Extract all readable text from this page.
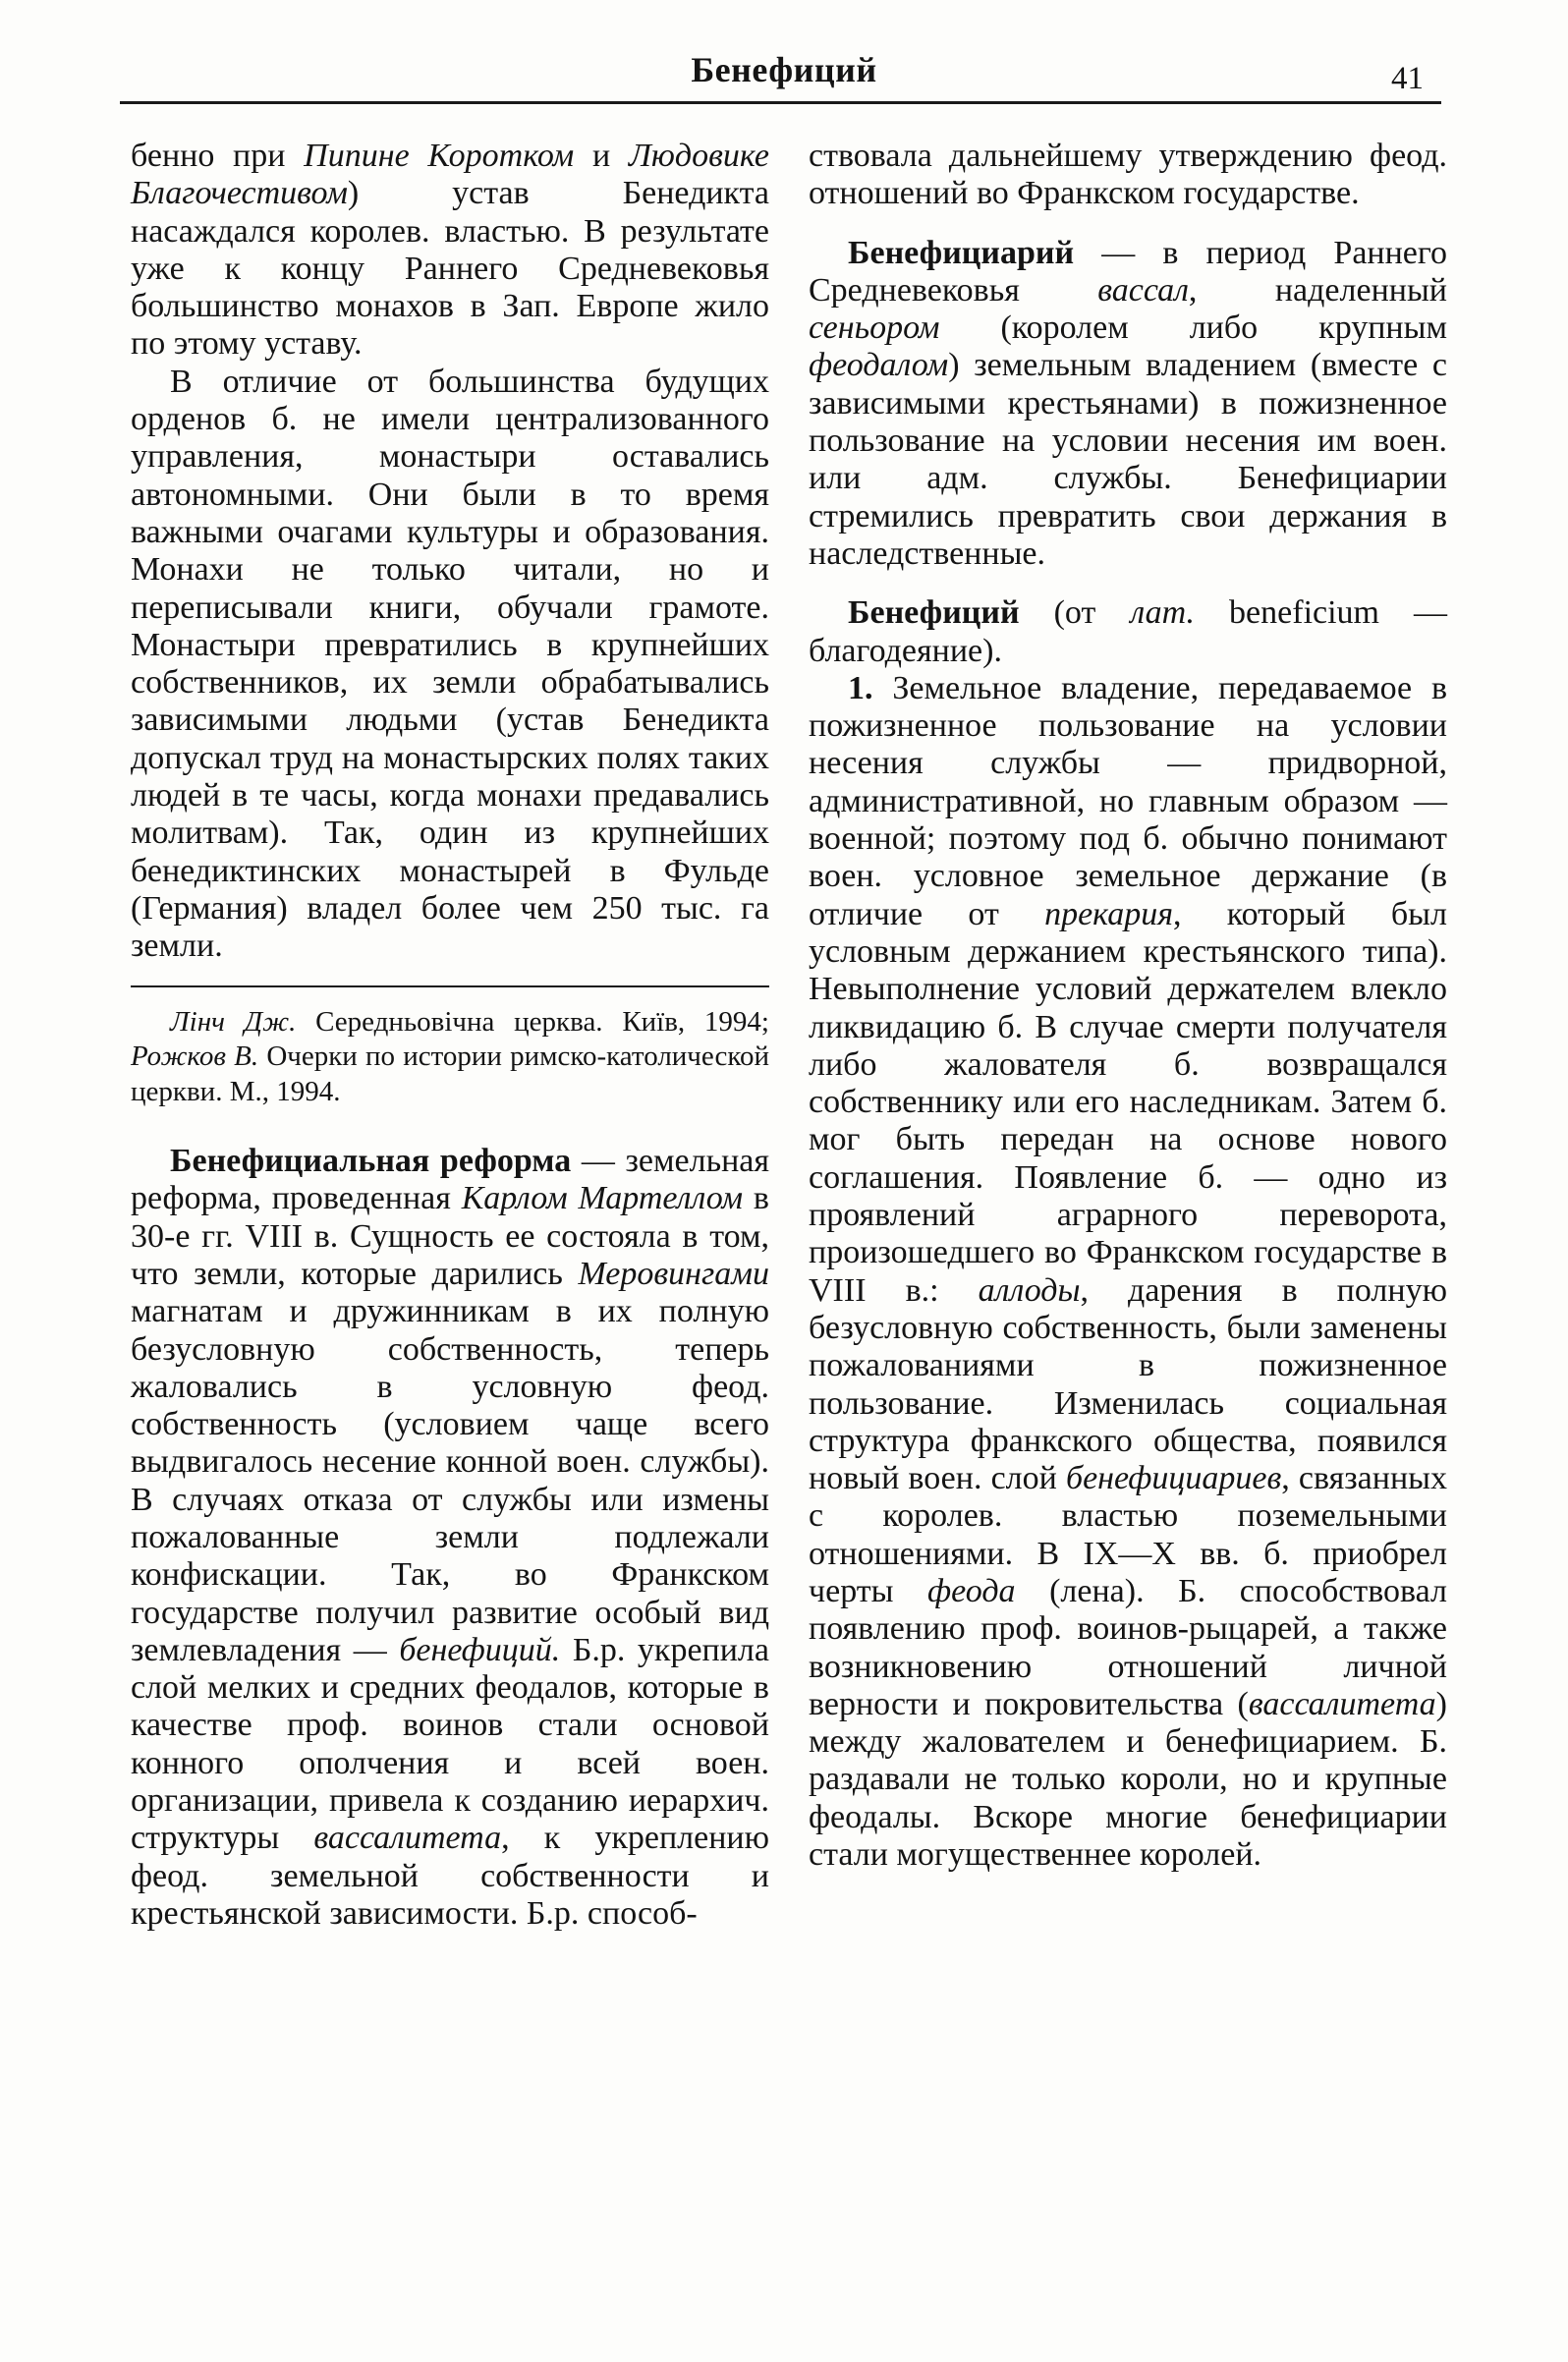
Бенефиций	41

бенно при Пипине Коротком и Людовике Благочестивом) устав Бенедикта насаждался королев. властью. В результате уже к концу Раннего Средневековья большинство монахов в Зап. Европе жило по этому уставу.

В отличие от большинства будущих орденов б. не имели централизованного управления, монастыри оставались автономными. Они были в то время важными очагами культуры и образования. Монахи не только читали, но и переписывали книги, обучали грамоте. Монастыри превратились в крупнейших собственников, их земли обрабатывались зависимыми людьми (устав Бенедикта допускал труд на монастырских полях таких людей в те часы, когда монахи предавались молитвам). Так, один из крупнейших бенедиктинских монастырей в Фульде (Германия) владел более чем 250 тыс. га земли.

Лінч Дж. Середньовічна церква. Київ, 1994; Рожков В. Очерки по истории римско-католической церкви. М., 1994.

Бенефициальная реформа — земельная реформа, проведенная Карлом Мартеллом в 30-е гг. VIII в. Сущность ее состояла в том, что земли, которые дарились Меровингами магнатам и дружинникам в их полную безусловную собственность, теперь жаловались в условную феод. собственность (условием чаще всего выдвигалось несение конной воен. службы). В случаях отказа от службы или измены пожалованные земли подлежали конфискации. Так, во Франкском государстве получил развитие особый вид землевладения — бенефиций. Б.р. укрепила слой мелких и средних феодалов, которые в качестве проф. воинов стали основой конного ополчения и всей воен. организации, привела к созданию иерархич. структуры вассалитета, к укреплению феод. земельной собственности и крестьянской зависимости. Б.р. способ-

ствовала дальнейшему утверждению феод. отношений во Франкском государстве.

Бенефициарий — в период Раннего Средневековья вассал, наделенный сеньором (королем либо крупным феодалом) земельным владением (вместе с зависимыми крестьянами) в пожизненное пользование на условии несения им воен. или адм. службы. Бенефициарии стремились превратить свои держания в наследственные.

Бенефиций (от лат. beneficium — благодеяние).

1. Земельное владение, передаваемое в пожизненное пользование на условии несения службы — придворной, административной, но главным образом — военной; поэтому под б. обычно понимают воен. условное земельное держание (в отличие от прекария, который был условным держанием крестьянского типа). Невыполнение условий держателем влекло ликвидацию б. В случае смерти получателя либо жалователя б. возвращался собственнику или его наследникам. Затем б. мог быть передан на основе нового соглашения. Появление б. — одно из проявлений аграрного переворота, произошедшего во Франкском государстве в VIII в.: аллоды, дарения в полную безусловную собственность, были заменены пожалованиями в пожизненное пользование. Изменилась социальная структура франкского общества, появился новый воен. слой бенефициариев, связанных с королев. властью поземельными отношениями. В IX—X вв. б. приобрел черты феода (лена). Б. способствовал появлению проф. воинов-рыцарей, а также возникновению отношений личной верности и покровительства (вассалитета) между жалователем и бенефициарием. Б. раздавали не только короли, но и крупные феодалы. Вскоре многие бенефициарии стали могущественнее королей.
